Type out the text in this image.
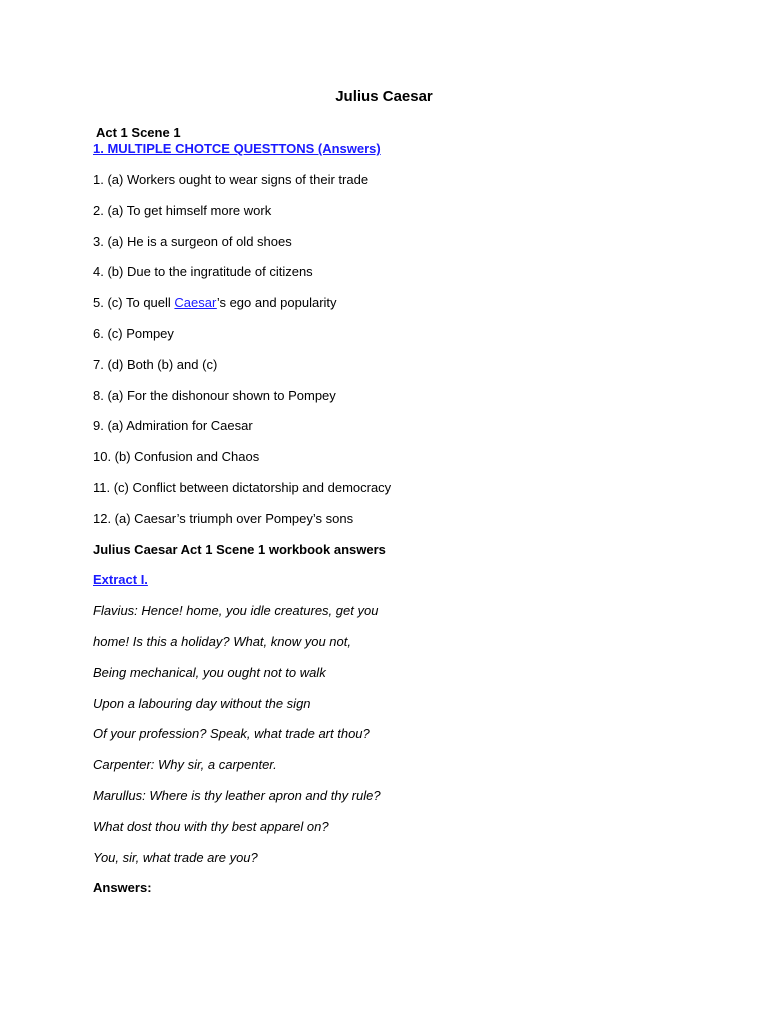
Julius Caesar
Act 1 Scene 1
1. MULTIPLE CHOTCE QUESTTONS (Answers)
1. (a) Workers ought to wear signs of their trade
2. (a) To get himself more work
3. (a) He is a surgeon of old shoes
4. (b) Due to the ingratitude of citizens
5. (c) To quell Caesar’s ego and popularity
6. (c) Pompey
7. (d) Both (b) and (c)
8. (a) For the dishonour shown to Pompey
9. (a) Admiration for Caesar
10. (b) Confusion and Chaos
11. (c) Conflict between dictatorship and democracy
12. (a) Caesar’s triumph over Pompey’s sons
Julius Caesar Act 1 Scene 1 workbook answers
Extract I.
Flavius: Hence! home, you idle creatures, get you
home! Is this a holiday? What, know you not,
Being mechanical, you ought not to walk
Upon a labouring day without the sign
Of your profession? Speak, what trade art thou?
Carpenter: Why sir, a carpenter.
Marullus: Where is thy leather apron and thy rule?
What dost thou with thy best apparel on?
You, sir, what trade are you?
Answers:
